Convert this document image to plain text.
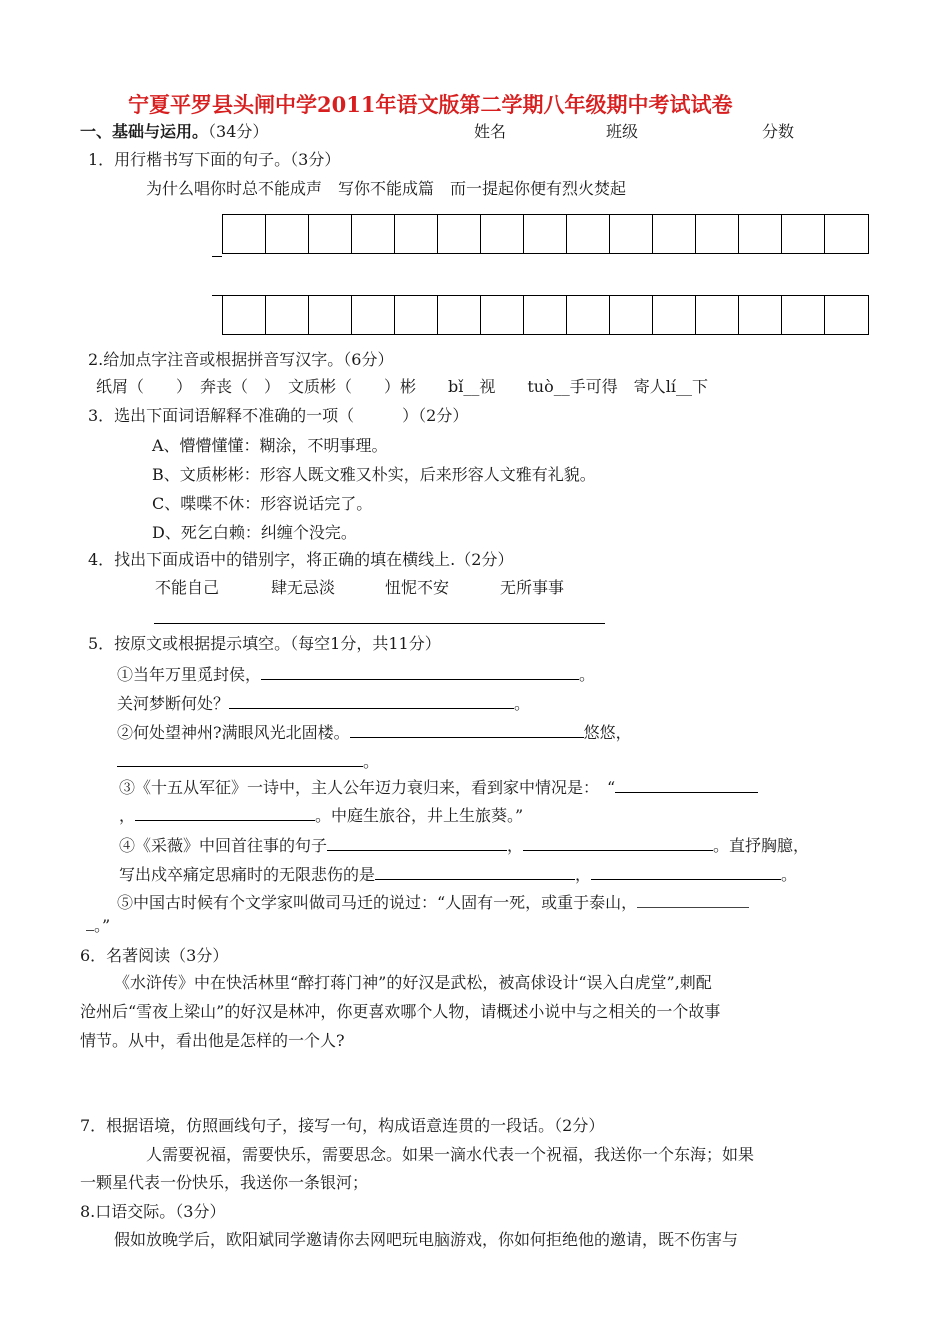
宁夏平罗县头闸中学2011年语文版第二学期八年级期中考试试卷
一、基础与运用。（34分）	姓名	班级	分数
1．用行楷书写下面的句子。（3分）
为什么唱你时总不能成声　写你不能成篇　而一提起你便有烈火焚起
2.给加点字注音或根据拼音写汉字。（6分）
纸屑（　　）　奔丧（　）　文质彬（　　）彬　　bǐ__视　　tuò__手可得　寄人lí__下
3．选出下面词语解释不准确的一项（　　　）（2分）
A、懵懵懂懂：糊涂，不明事理。
B、文质彬彬：形容人既文雅又朴实，后来形容人文雅有礼貌。
C、喋喋不休：形容说话完了。
D、死乞白赖：纠缠个没完。
4．找出下面成语中的错别字，将正确的填在横线上.（2分）
不能自己	肆无忌淡	忸怩不安	无所事事
5．按原文或根据提示填空。（每空1分，共11分）
①当年万里觅封侯，	。
关河梦断何处？	。
②何处望神州?满眼风光北固楼。	悠悠，
。
③《十五从军征》一诗中，主人公年迈力衰归来，看到家中情况是：　“
，	。中庭生旅谷，井上生旅葵。”
④《采薇》中回首往事的句子	，	。直抒胸臆，
写出戍卒痛定思痛时的无限悲伤的是	，	。
⑤中国古时候有个文学家叫做司马迁的说过：“人固有一死，或重于泰山，
。”
6．名著阅读（3分）
《水浒传》中在快活林里“醉打蒋门神”的好汉是武松，被高俅设计“误入白虎堂”,刺配
沧州后“雪夜上梁山”的好汉是林冲，你更喜欢哪个人物，请概述小说中与之相关的一个故事
情节。从中，看出他是怎样的一个人?
7．根据语境，仿照画线句子，接写一句，构成语意连贯的一段话。（2分）
人需要祝福，需要快乐，需要思念。如果一滴水代表一个祝福，我送你一个东海；如果
一颗星代表一份快乐，我送你一条银河；
8.口语交际。（3分）
假如放晚学后，欧阳斌同学邀请你去网吧玩电脑游戏，你如何拒绝他的邀请，既不伤害与
